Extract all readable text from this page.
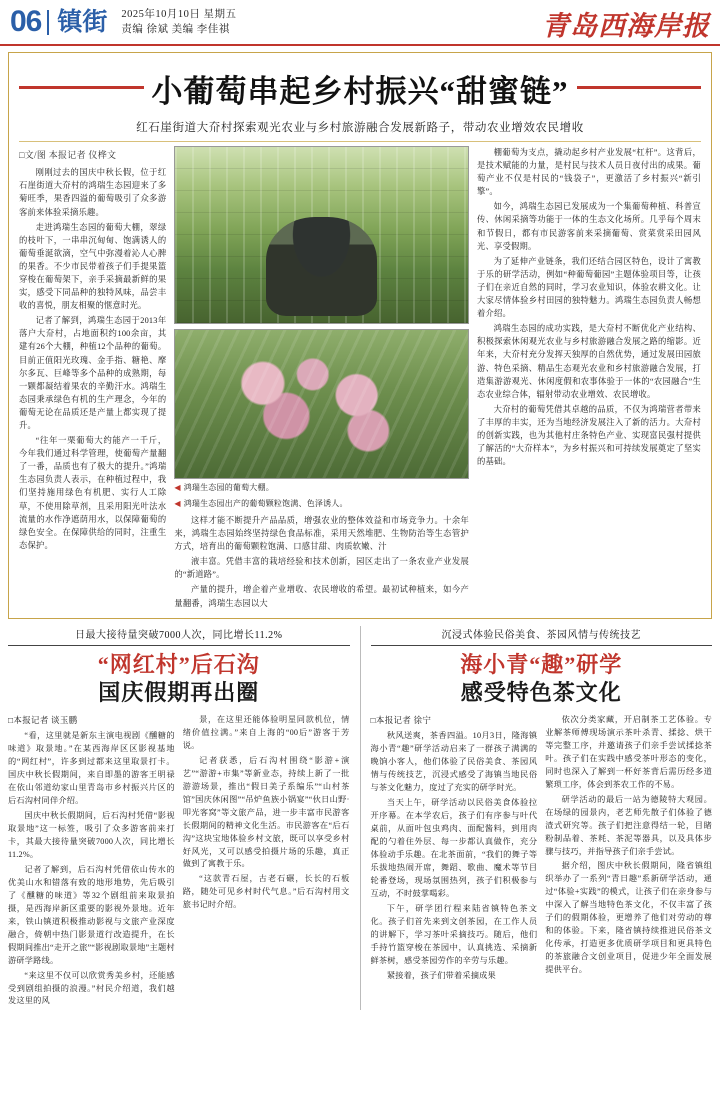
06 镇街 2025年10月10日 星期五
责编 徐斌 美编 李佳祺	青岛西海岸报
小葡萄串起乡村振兴“甜蜜链”
红石崖街道大夼村探索观光农业与乡村旅游融合发展新路子，带动农业增效农民增收
□文/图 本报记者 仪桦文

刚刚过去的国庆中秋长假，位于红石崖街道大夼村的鸿瑞生态园迎来了多菊旺季，果香四溢的葡萄吸引了众多游客前来体验采摘乐趣。

走进鸿瑞生态园的葡萄大棚，翠绿的枝叶下，一串串沉甸甸、饱满诱人的葡萄垂涎欲滴，空气中弥漫着沁人心脾的果香。不少市民带着孩子们手提果篮穿梭在葡萄架下，亲手采摘最新鲜的果实，感受下同品种的独特风味，品尝丰收的喜悦，朋友相聚的惬意时光。

记者了解到，鸿瑞生态园于2013年落户大夼村，占地面积约100余亩，其建有26个大棚，种植12个品种的葡萄。目前正值阳光玫瑰、金手指、糖艳、摩尔多瓦、巨峰等多个品种的成熟期，每一颗都凝结着果农的辛勤汗水。鸿瑞生态园秉承绿色有机的生产理念，今年的葡萄无论在品质还是产量上都实现了提升。

“往年一栗葡萄大约能产一千斤，今年我们通过科学管理，使葡萄产量翻了一番，品质也有了极大的提升。”鸿瑞生态园负责人表示，在种植过程中，我们坚持施用绿色有机肥、实行人工除草，不使用除草剂，且采用阳光叶法水流量的水作净遮荫用水，以保障葡萄的绿色安全。在保障供给的同时，注重生态保护。

◀ 鸿瑞生态园的葡萄大棚。
◀ 鸿瑞生态园出产的葡萄颗粒饱满、色泽诱人。

这样才能不断提升产品品质，增强农业的整体效益和市场竞争力。十余年来，鸿瑞生态园始终坚持绿色食品标准，采用天然堆肥、生物防治等生态管护方式，培育出的葡萄颗粒饱满、口感甘甜、肉质软嫩、汁

液丰富。凭借丰富的栽培经验和技术创新，园区走出了一条农业产业发展的“新道路”。

产量的提升，增企着产业增收、农民增收的希望。最初试种植来，如今产量翻番，鸿瑞生态园以大

棚葡萄为支点，撬动起乡村产业发展“杠杆”。这背后，是技术赋能的力量，是村民与技术人员日夜付出的成果。葡萄产业不仅是村民的“钱袋子”，更激活了乡村振兴“新引擎”。

如今，鸿瑞生态园已发展成为一个集葡萄种植、科普宣传、休闲采摘等功能于一体的生态文化场所。几乎每个周末和节假日，都有市民游客前来采摘葡萄、赏菜赏采田园风光、享受假期。

为了延伸产业链条，我们还结合园区特色，设计了寓教于乐的研学活动，例如“种葡萄葡园”主题体验项目等，让孩子们在亲近自然的同时，学习农业知识，体验农耕文化。让大家尽情体验乡村田园的独特魅力。鸿瑞生态园负责人畅想着介绍。

鸿瑞生态园的成功实践，是大夼村不断优化产业结构、积极探索休闲观光农业与乡村旅游融合发展之路的缩影。近年来，大夼村充分发挥天独厚的自然优势，通过发展田园旅游、特色采摘、精品生态观光农业和乡村旅游融合发展，打造集游游观光、休闲度假和农事体验于一体的“农园融合”生态农业综合体，辐射带动农业增效、农民增收。

大夼村的葡萄凭借其卓越的品质，不仅为鸿瑞营者带来了丰厚的丰实，还为当地经济发展注入了新的活力。大夼村的创新实践，也为其他村庄条特色产业、实现富民强村提供了解活的“大夼样本”，为乡村振兴和可持续发展奠定了坚实的基础。

日最大接待量突破7000人次，同比增长11.2%
“网红村”后石沟
国庆假期再出圈
□本报记者 谈玉鹏

“看，这里就是新东主演电视剧《醺糖的味道》取景地。”在某西海岸区区影视基地的“网红村”，许多到过都来这里取景打卡。国庆中秋长假期间，来自即墨的游客王明禄在依山邻道幼家山里青岛市乡村振兴片区的后石沟村同伴介绍。

国庆中秋长假期间，后石沟村凭借“影视取景地”这一标签，吸引了众多游客前来打卡，其最大接待量突破7000人次，同比增长11.2%。

记者了解到，后石沟村凭借依山传水的优美山水和错落有致的地形地势，先后吸引了《醺糖的味道》等32个剧组前来取景拍摄，是西海岸新区重要的影视外景地。近年来，铁山镇道积极推动影视与文旅产业深度融合，倚朝中热门影景道行改造提升，在长假期间推出“走开之旅”“影视剧取景地”主题村游研学路线。

“来这里不仅可以欣赏秀美乡村，还能感受到剧组拍摄的浪漫。”村民介绍道，我们越发这里的风

景，在这里还能体验明星同款机位，情绪价值拉满。”来自上海的“00后”游客于芳说。

记者获悉，后石沟村围绕“影游+演艺”“游游+市集”等新业态，持续上新了一批游游场景，推出“假日美子系编乐”“山村茶馆”国庆休闲图”“吊炉鱼族小锅宴”“伙日山野·叩光客窝”等文旅产品，进一步丰富市民游客长假期间的精神文化生活。市民游客在“后石沟”这块宝地体验乡村文旅，既可以享受乡村好风光，又可以感受拍摄片场的乐趣，真正做到了寓教于乐。

“这款青石屋，古老石碾，长长的石板路，随处可见乡村时代气息。”后石沟村用文旅书记时介绍。

沉浸式体验民俗美食、茶园风情与传统技艺
海小青“趣”研学
感受特色茶文化
□本报记者 徐宁

秋风送爽，茶香四溢。10月3日，隆海镇海小青“趣”研学活动启来了一群孩子满满的晚饷小客人，他们体验了民俗美食、茶园风情与传统技艺，沉浸式感受了海镇当地民俗与茶文化魅力，度过了充实的研学时光。

当天上午，研学活动以民俗美食体验拉开序幕。在本学农后，孩子们有序参与叶代桌前，从面叶包虫鸡肉、面配酱料，到用肉配的勺着住外层、每一步都认真做作，充分体验动手乐趣。在北茶面前，“我们的舞子等乐拔地热闹开席，舞蹈、歌曲、魔术等节目轮番登场，现场氛围热列，孩子们积极参与互动，不时鼓掌喝彩。

下午，研学团行程来陆省镇特色茶文化。孩子们首先来到文创茶园，在工作人员的讲解下，学习茶叶采摘技巧。随后，他们手持竹篮穿梭在茶园中，认真挑选、采摘新鲜茶树，感受茶园劳作的辛劳与乐趣。

紧接着，孩子们带着采摘成果

依次分类家藏，开启制茶工艺体验。专业解茶师傅现场演示茶叶杀青、揉捻、烘干等完整工序，并邀请孩子们亲手尝试揉捻茶叶。孩子们在实践中感受茶叶形态的变化，同时也深入了解到一杯好茶背后需历经多道繁琐工序，体会到茶农工作的不易。

研学活动的最后一站为德陵特大观园。在场绿的园景内，老艺师先散子们体验了德渣式研究等。孩子们把注意得结一轮，目睹粉制品着、茶耗、茶泥等器具，以及具体步骤与技巧，并指导孩子们亲手尝试。

据介绍，图庆中秋长假期间，隆省镇组织举办了一系列“青日趣”系新研学活动，通过“体验+实践”的模式，让孩子们在亲身参与中深入了解当地特色茶文化，不仅丰富了孩子们的假期体验，更增养了他们对劳动的尊和的体验。下来，隆省镇持续推进民俗茶文化传承，打造更多优质研学项目和更具特色的茶旅融合文创业项目，促进少年全面发展提供平台。
